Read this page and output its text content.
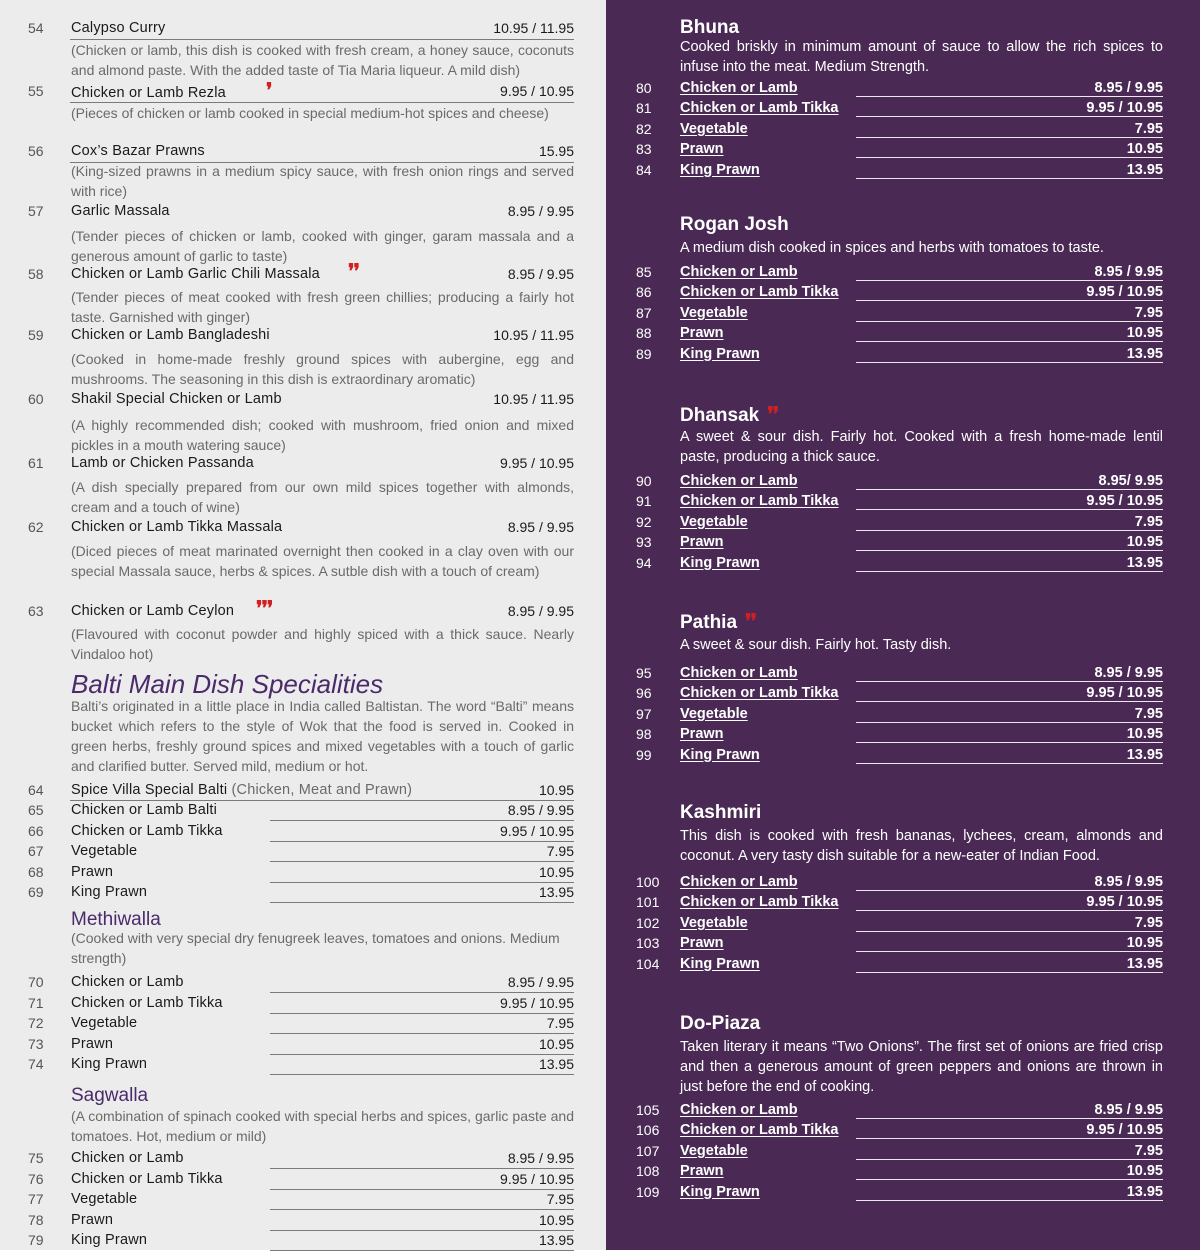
54 Calypso Curry	10.95 / 11.95
(Chicken or lamb, this dish is cooked with fresh cream, a honey sauce, coconuts and almond paste. With the added taste of Tia Maria liqueur. A mild dish)
55 Chicken or Lamb Rezla ❜	9.95 / 10.95
(Pieces of chicken or lamb cooked in special medium-hot spices and cheese)
56 Cox’s Bazar Prawns	15.95
(King-sized prawns in a medium spicy sauce, with fresh onion rings and served with rice)
57 Garlic Massala	8.95 / 9.95
(Tender pieces of chicken or lamb, cooked with ginger, garam massala and a generous amount of garlic to taste)
58 Chicken or Lamb Garlic Chili Massala ❜❜	8.95 / 9.95
(Tender pieces of meat cooked with fresh green chillies; producing a fairly hot taste. Garnished with ginger)
59 Chicken or Lamb Bangladeshi	10.95 / 11.95
(Cooked in home-made freshly ground spices with aubergine, egg and mushrooms. The seasoning in this dish is extraordinary aromatic)
60 Shakil Special Chicken or Lamb	10.95 / 11.95
(A highly recommended dish; cooked with mushroom, fried onion and mixed pickles in a mouth watering sauce)
61 Lamb or Chicken Passanda	9.95 / 10.95
(A dish specially prepared from our own mild spices together with almonds, cream and a touch of wine)
62 Chicken or Lamb Tikka Massala	8.95 / 9.95
(Diced pieces of meat marinated overnight then cooked in a clay oven with our special Massala sauce, herbs & spices. A sutble dish with a touch of cream)
63 Chicken or Lamb Ceylon ❜❜❜	8.95 / 9.95
(Flavoured with coconut powder and highly spiced with a thick sauce. Nearly Vindaloo hot)
Balti Main Dish Specialities
Balti’s originated in a little place in India called Baltistan. The word “Balti” means bucket which refers to the style of Wok that the food is served in. Cooked in green herbs, freshly ground spices and mixed vegetables with a touch of garlic and clarified butter. Served mild, medium or hot.
64 Spice Villa Special Balti (Chicken, Meat and Prawn)	10.95
65 Chicken or Lamb Balti	8.95 / 9.95
66 Chicken or Lamb Tikka	9.95 / 10.95
67 Vegetable	7.95
68 Prawn	10.95
69 King Prawn	13.95
Methiwalla
(Cooked with very special dry fenugreek leaves, tomatoes and onions. Medium strength)
70 Chicken or Lamb	8.95 / 9.95
71 Chicken or Lamb Tikka	9.95 / 10.95
72 Vegetable	7.95
73 Prawn	10.95
74 King Prawn	13.95
Sagwalla
(A combination of spinach cooked with special herbs and spices, garlic paste and tomatoes. Hot, medium or mild)
75 Chicken or Lamb	8.95 / 9.95
76 Chicken or Lamb Tikka	9.95 / 10.95
77 Vegetable	7.95
78 Prawn	10.95
79 King Prawn	13.95
Bhuna
Cooked briskly in minimum amount of sauce to allow the rich spices to infuse into the meat. Medium Strength.
80 Chicken or Lamb	8.95 / 9.95
81 Chicken or Lamb Tikka	9.95 / 10.95
82 Vegetable	7.95
83 Prawn	10.95
84 King Prawn	13.95
Rogan Josh
A medium dish cooked in spices and herbs with tomatoes to taste.
85 Chicken or Lamb	8.95 / 9.95
86 Chicken or Lamb Tikka	9.95 / 10.95
87 Vegetable	7.95
88 Prawn	10.95
89 King Prawn	13.95
Dhansak ❜❜
A sweet & sour dish. Fairly hot. Cooked with a fresh home-made lentil paste, producing a thick sauce.
90 Chicken or Lamb	8.95/ 9.95
91 Chicken or Lamb Tikka	9.95 / 10.95
92 Vegetable	7.95
93 Prawn	10.95
94 King Prawn	13.95
Pathia ❜❜
A sweet & sour dish. Fairly hot. Tasty dish.
95 Chicken or Lamb	8.95 / 9.95
96 Chicken or Lamb Tikka	9.95 / 10.95
97 Vegetable	7.95
98 Prawn	10.95
99 King Prawn	13.95
Kashmiri
This dish is cooked with fresh bananas, lychees, cream, almonds and coconut. A very tasty dish suitable for a new-eater of Indian Food.
100 Chicken or Lamb	8.95 / 9.95
101 Chicken or Lamb Tikka	9.95 / 10.95
102 Vegetable	7.95
103 Prawn	10.95
104 King Prawn	13.95
Do-Piaza
Taken literary it means “Two Onions”. The first set of onions are fried crisp and then a generous amount of green peppers and onions are thrown in just before the end of cooking.
105 Chicken or Lamb	8.95 / 9.95
106 Chicken or Lamb Tikka	9.95 / 10.95
107 Vegetable	7.95
108 Prawn	10.95
109 King Prawn	13.95
